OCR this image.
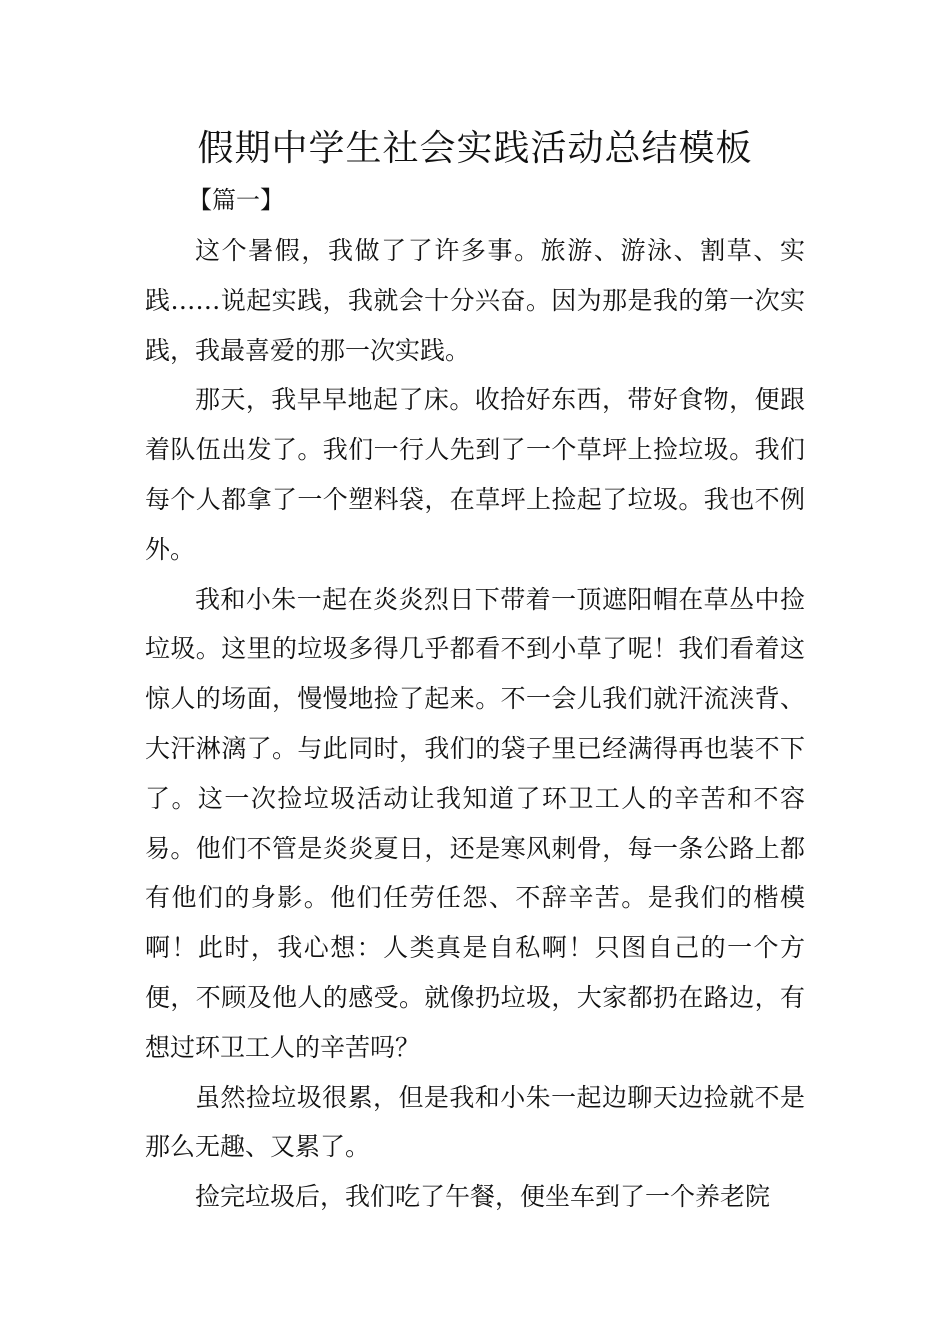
假期中学生社会实践活动总结模板
【篇一】

这个暑假，我做了了许多事。旅游、游泳、割草、实践……说起实践，我就会十分兴奋。因为那是我的第一次实践，我最喜爱的那一次实践。

那天，我早早地起了床。收拾好东西，带好食物，便跟着队伍出发了。我们一行人先到了一个草坪上捡垃圾。我们每个人都拿了一个塑料袋，在草坪上捡起了垃圾。我也不例外。

我和小朱一起在炎炎烈日下带着一顶遮阳帽在草丛中捡垃圾。这里的垃圾多得几乎都看不到小草了呢！我们看着这惊人的场面，慢慢地捡了起来。不一会儿我们就汗流浃背、大汗淋漓了。与此同时，我们的袋子里已经满得再也装不下了。这一次捡垃圾活动让我知道了环卫工人的辛苦和不容易。他们不管是炎炎夏日，还是寒风刺骨，每一条公路上都有他们的身影。他们任劳任怨、不辞辛苦。是我们的楷模啊！此时，我心想：人类真是自私啊！只图自己的一个方便，不顾及他人的感受。就像扔垃圾，大家都扔在路边，有想过环卫工人的辛苦吗？

虽然捡垃圾很累，但是我和小朱一起边聊天边捡就不是那么无趣、又累了。

捡完垃圾后，我们吃了午餐，便坐车到了一个养老院
